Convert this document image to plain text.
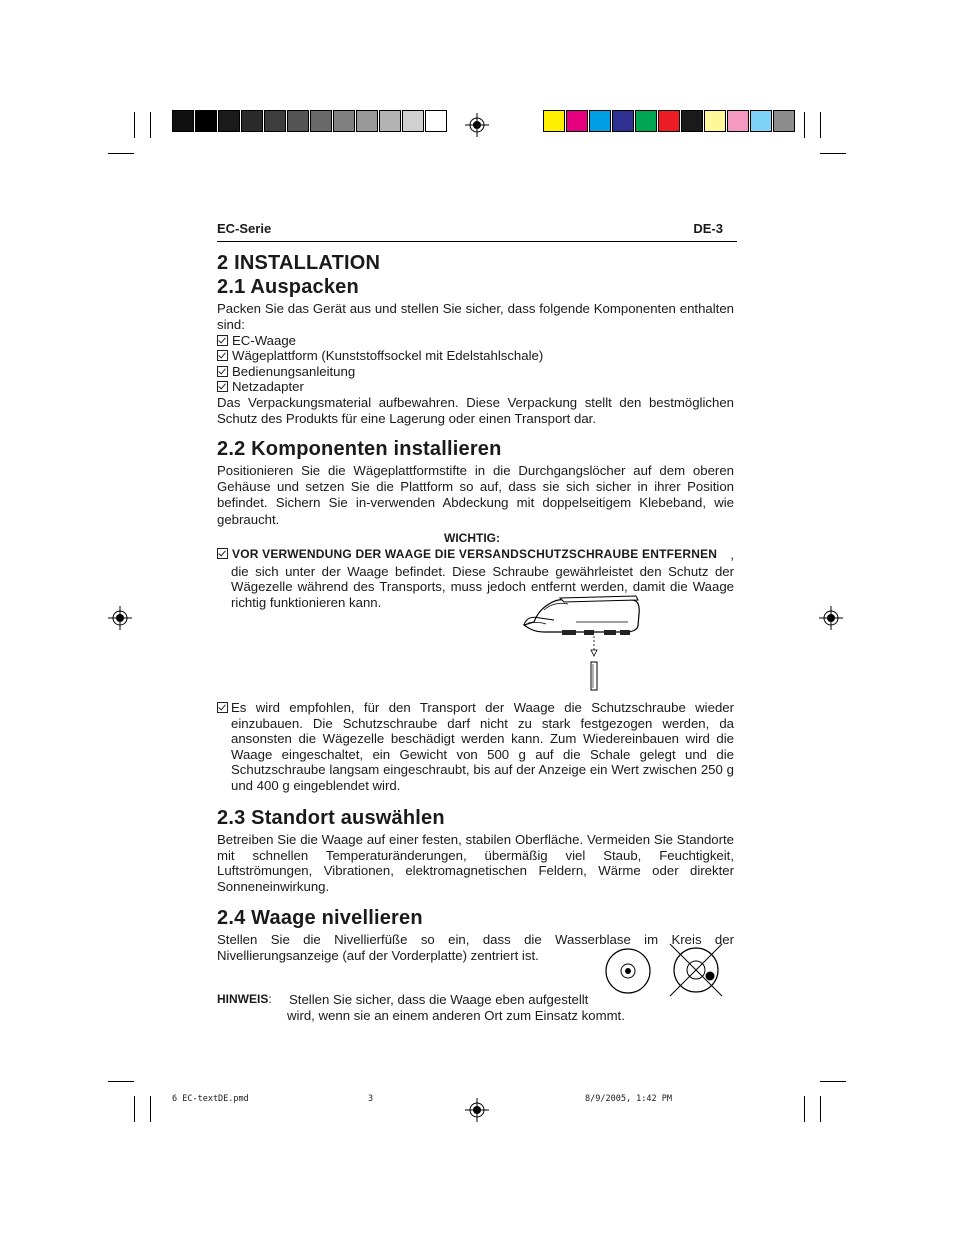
EC-Serie	DE-3
2 INSTALLATION
2.1 Auspacken
Packen Sie das Gerät aus und stellen Sie sicher, dass folgende Komponenten enthalten sind:
EC-Waage
Wägeplattform (Kunststoffsockel mit Edelstahlschale)
Bedienungsanleitung
Netzadapter
Das Verpackungsmaterial aufbewahren. Diese Verpackung stellt den bestmöglichen Schutz des Produkts für eine Lagerung oder einen Transport dar.
2.2 Komponenten installieren
Positionieren Sie die Wägeplattformstifte in die Durchgangslöcher auf dem oberen Gehäuse und setzen Sie die Plattform so auf, dass sie sich sicher in ihrer Position befindet. Sichern Sie in-verwenden Abdeckung mit doppelseitigem Klebeband, wie gebraucht.
WICHTIG:
VOR VERWENDUNG DER WAAGE DIE VERSANDSCHUTZSCHRAUBE ENTFERNEN , die sich unter der Waage befindet. Diese Schraube gewährleistet den Schutz der Wägezelle während des Transports, muss jedoch entfernt werden, damit die Waage richtig funktionieren kann.
Es wird empfohlen, für den Transport der Waage die Schutzschraube wieder einzubauen. Die Schutzschraube darf nicht zu stark festgezogen werden, da ansonsten die Wägezelle beschädigt werden kann. Zum Wiedereinbauen wird die Waage eingeschaltet, ein Gewicht von 500 g auf die Schale gelegt und die Schutzschraube langsam eingeschraubt, bis auf der Anzeige ein Wert zwischen 250 g und 400 g eingeblendet wird.
2.3 Standort auswählen
Betreiben Sie die Waage auf einer festen, stabilen Oberfläche. Vermeiden Sie Standorte mit schnellen Temperaturänderungen, übermäßig viel Staub, Feuchtigkeit, Luftströmungen, Vibrationen, elektromagnetischen Feldern, Wärme oder direkter Sonneneinwirkung.
2.4 Waage nivellieren
Stellen Sie die Nivellierfüße so ein, dass die Wasserblase im Kreis der Nivellierungsanzeige (auf der Vorderplatte) zentriert ist.
HINWEIS: Stellen Sie sicher, dass die Waage eben aufgestellt
wird, wenn sie an einem anderen Ort zum Einsatz kommt.
6 EC-textDE.pmd	3	8/9/2005, 1:42 PM
